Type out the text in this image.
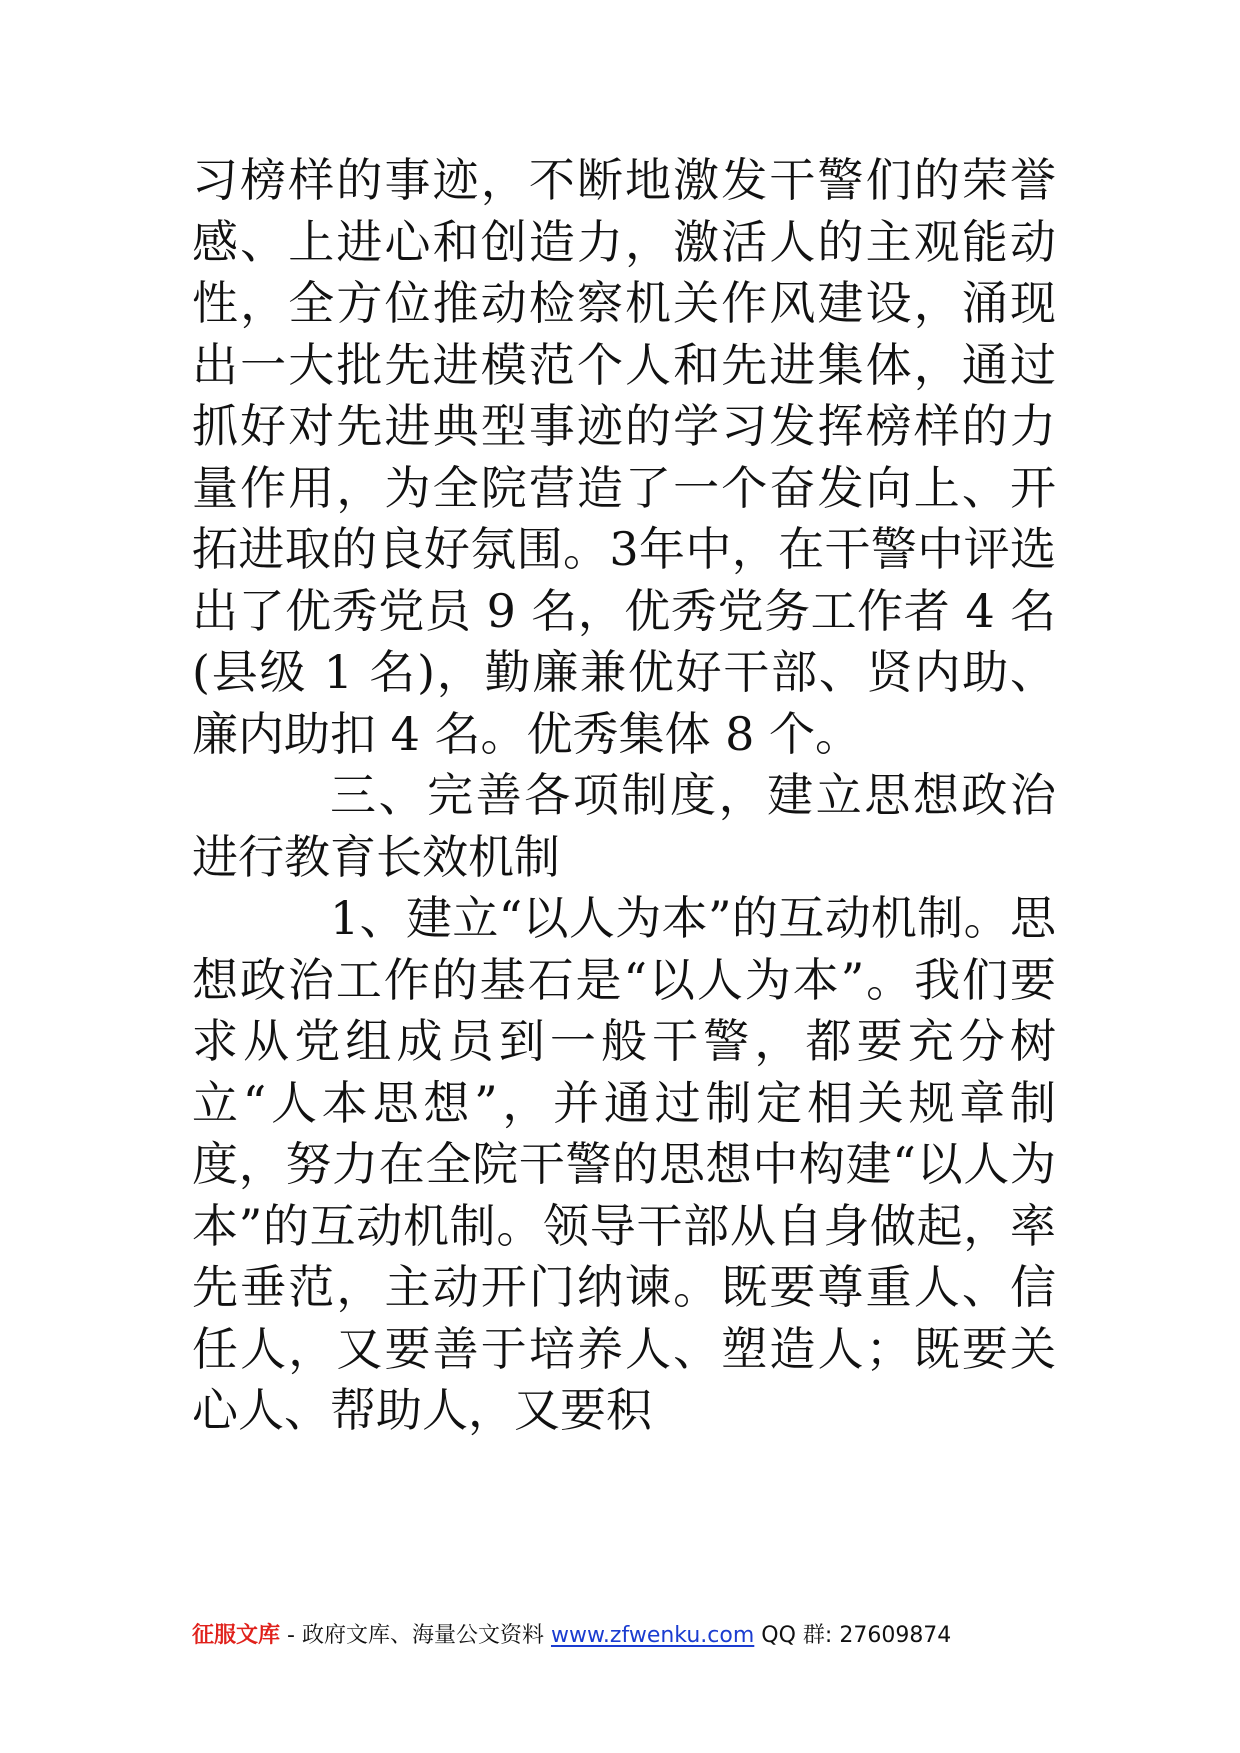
习榜样的事迹，不断地激发干警们的荣誉感、上进心和创造力，激活人的主观能动性，全方位推动检察机关作风建设，涌现出一大批先进模范个人和先进集体，通过抓好对先进典型事迹的学习发挥榜样的力量作用，为全院营造了一个奋发向上、开拓进取的良好氛围。3年中，在干警中评选出了优秀党员 9 名，优秀党务工作者 4 名(县级 1 名)，勤廉兼优好干部、贤内助、廉内助扣 4 名。优秀集体 8 个。

三、完善各项制度，建立思想政治进行教育长效机制

1、建立“以人为本”的互动机制。思想政治工作的基石是“以人为本”。我们要求从党组成员到一般干警，都要充分树立“人本思想”，并通过制定相关规章制度，努力在全院干警的思想中构建“以人为本”的互动机制。领导干部从自身做起，率先垂范，主动开门纳谏。既要尊重人、信任人，又要善于培养人、塑造人；既要关心人、帮助人，又要积

征服文库 - 政府文库、海量公文资料 www.zfwenku.com QQ 群: 27609874
